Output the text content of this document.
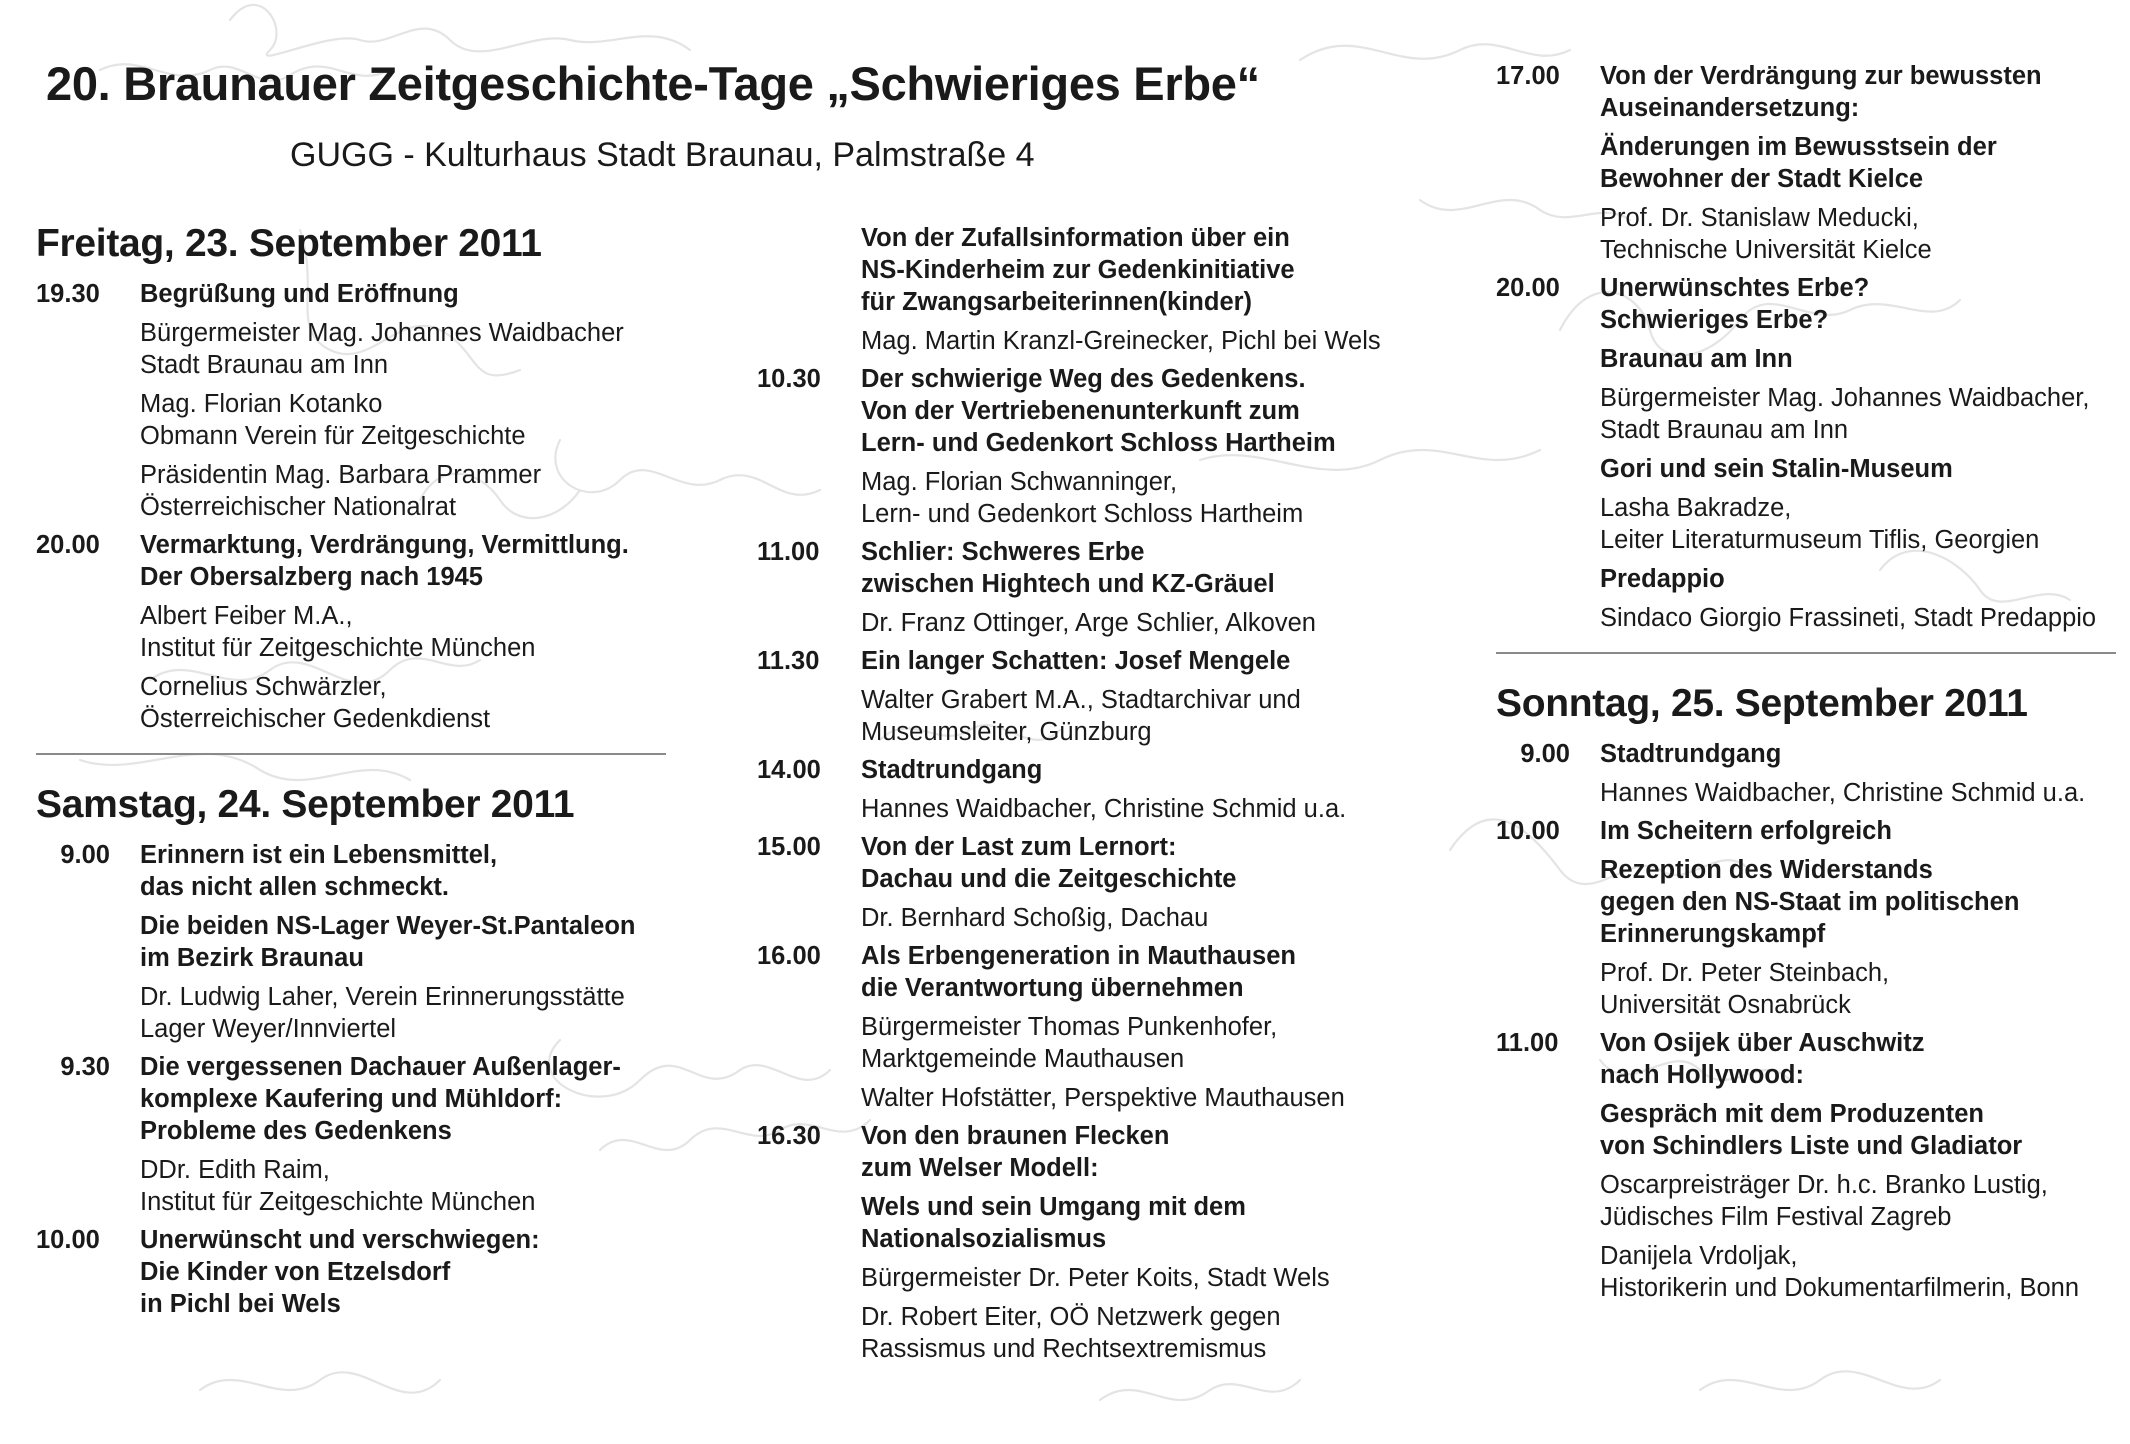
20. Braunauer Zeitgeschichte-Tage „Schwieriges Erbe“
GUGG - Kulturhaus Stadt Braunau, Palmstraße 4
Freitag, 23. September 2011
19.30	Begrüßung und Eröffnung
Bürgermeister Mag. Johannes Waidbacher
Stadt Braunau am Inn
Mag. Florian Kotanko
Obmann Verein für Zeitgeschichte
Präsidentin Mag. Barbara Prammer
Österreichischer Nationalrat
20.00	Vermarktung, Verdrängung, Vermittlung.
Der Obersalzberg nach 1945
Albert Feiber M.A.,
Institut für Zeitgeschichte München
Cornelius Schwärzler,
Österreichischer Gedenkdienst
Samstag, 24. September 2011
9.00	Erinnern ist ein Lebensmittel,
das nicht allen schmeckt.
Die beiden NS-Lager Weyer-St.Pantaleon
im Bezirk Braunau
Dr. Ludwig Laher, Verein Erinnerungsstätte
Lager Weyer/Innviertel
9.30	Die vergessenen Dachauer Außenlager-
komplexe Kaufering und Mühldorf:
Probleme des Gedenkens
DDr. Edith Raim,
Institut für Zeitgeschichte München
10.00	Unerwünscht und verschwiegen:
Die Kinder von Etzelsdorf
in Pichl bei Wels
Von der Zufallsinformation über ein
NS-Kinderheim zur Gedenkinitiative
für Zwangsarbeiterinnen(kinder)
Mag. Martin Kranzl-Greinecker, Pichl bei Wels
10.30	Der schwierige Weg des Gedenkens.
Von der Vertriebenenunterkunft zum
Lern- und Gedenkort Schloss Hartheim
Mag. Florian Schwanninger,
Lern- und Gedenkort Schloss Hartheim
11.00	Schlier: Schweres Erbe
zwischen Hightech und KZ-Gräuel
Dr. Franz Ottinger, Arge Schlier, Alkoven
11.30	Ein langer Schatten: Josef Mengele
Walter Grabert M.A., Stadtarchivar und
Museumsleiter, Günzburg
14.00	Stadtrundgang
Hannes Waidbacher, Christine Schmid u.a.
15.00	Von der Last zum Lernort:
Dachau und die Zeitgeschichte
Dr. Bernhard Schoßig, Dachau
16.00	Als Erbengeneration in Mauthausen
die Verantwortung übernehmen
Bürgermeister Thomas Punkenhofer,
Marktgemeinde Mauthausen
Walter Hofstätter, Perspektive Mauthausen
16.30	Von den braunen Flecken
zum Welser Modell:
Wels und sein Umgang mit dem
Nationalsozialismus
Bürgermeister Dr. Peter Koits, Stadt Wels
Dr. Robert Eiter, OÖ Netzwerk gegen
Rassismus und Rechtsextremismus
17.00	Von der Verdrängung zur bewussten
Auseinandersetzung:
Änderungen im Bewusstsein der
Bewohner der Stadt Kielce
Prof. Dr. Stanislaw Meducki,
Technische Universität Kielce
20.00	Unerwünschtes Erbe?
Schwieriges Erbe?
Braunau am Inn
Bürgermeister Mag. Johannes Waidbacher,
Stadt Braunau am Inn
Gori und sein Stalin-Museum
Lasha Bakradze,
Leiter Literaturmuseum Tiflis, Georgien
Predappio
Sindaco Giorgio Frassineti, Stadt Predappio
Sonntag, 25. September 2011
9.00	Stadtrundgang
Hannes Waidbacher, Christine Schmid u.a.
10.00	Im Scheitern erfolgreich
Rezeption des Widerstands
gegen den NS-Staat im politischen
Erinnerungskampf
Prof. Dr. Peter Steinbach,
Universität Osnabrück
11.00	Von Osijek über Auschwitz
nach Hollywood:
Gespräch mit dem Produzenten
von Schindlers Liste und Gladiator
Oscarpreisträger Dr. h.c. Branko Lustig,
Jüdisches Film Festival Zagreb
Danijela Vrdoljak,
Historikerin und Dokumentarfilmerin, Bonn
